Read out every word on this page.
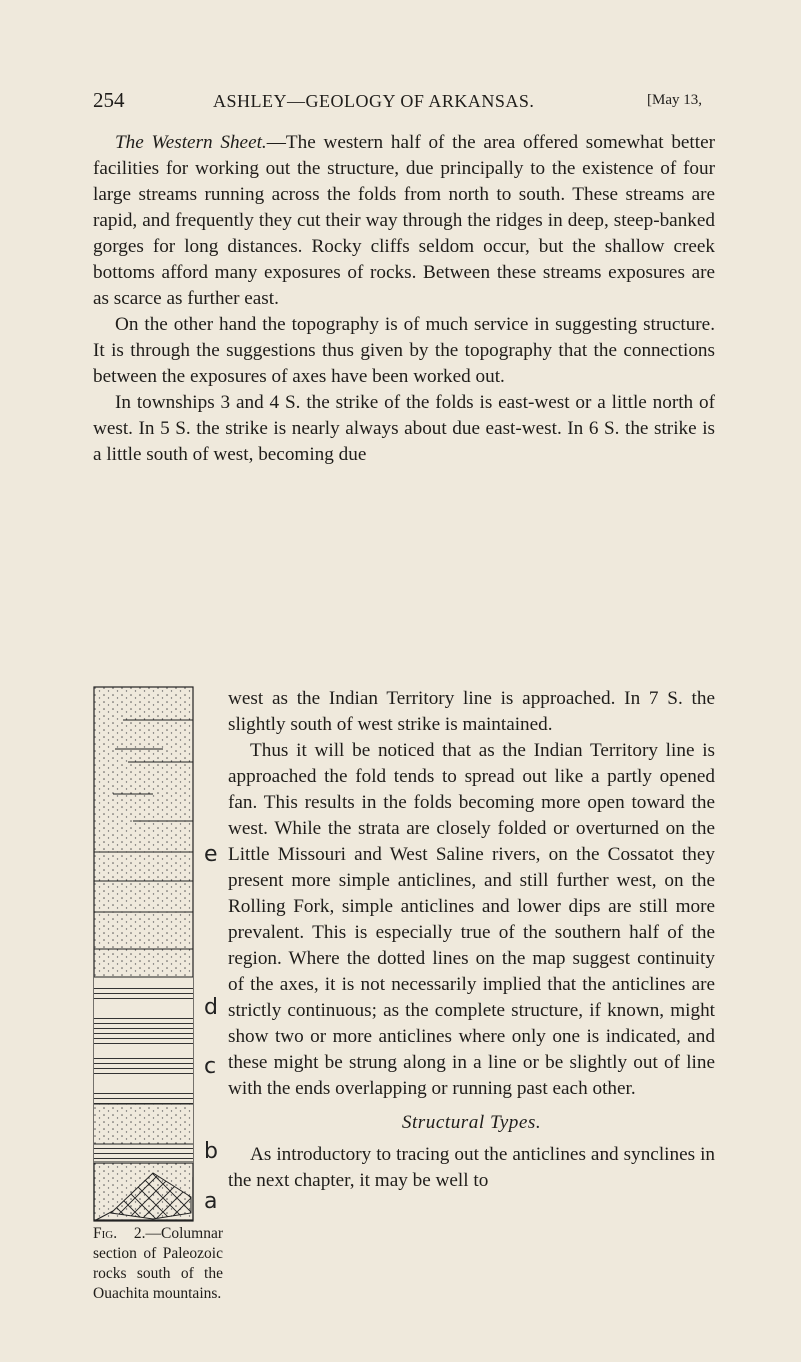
254	ASHLEY—GEOLOGY OF ARKANSAS.	[May 13,

The Western Sheet.—The western half of the area offered somewhat better facilities for working out the structure, due principally to the existence of four large streams running across the folds from north to south. These streams are rapid, and frequently they cut their way through the ridges in deep, steep-banked gorges for long distances. Rocky cliffs seldom occur, but the shallow creek bottoms afford many exposures of rocks. Between these streams exposures are as scarce as further east.

On the other hand the topography is of much service in suggesting structure. It is through the suggestions thus given by the topography that the connections between the exposures of axes have been worked out.

In townships 3 and 4 S. the strike of the folds is east-west or a little north of west. In 5 S. the strike is nearly always about due east-west. In 6 S. the strike is a little south of west, becoming due

e
d
c
b
a
Fig. 2.—Columnar section of Paleozoic rocks south of the Ouachita mountains.

west as the Indian Territory line is approached. In 7 S. the slightly south of west strike is maintained.

Thus it will be noticed that as the Indian Territory line is approached the fold tends to spread out like a partly opened fan. This results in the folds becoming more open toward the west. While the strata are closely folded or overturned on the Little Missouri and West Saline rivers, on the Cossatot they present more simple anticlines, and still further west, on the Rolling Fork, simple anticlines and lower dips are still more prevalent. This is especially true of the southern half of the region. Where the dotted lines on the map suggest continuity of the axes, it is not necessarily implied that the anticlines are strictly continuous; as the complete structure, if known, might show two or more anticlines where only one is indicated, and these might be strung along in a line or be slightly out of line with the ends overlapping or running past each other.

Structural Types.

As introductory to tracing out the anticlines and synclines in the next chapter, it may be well to
